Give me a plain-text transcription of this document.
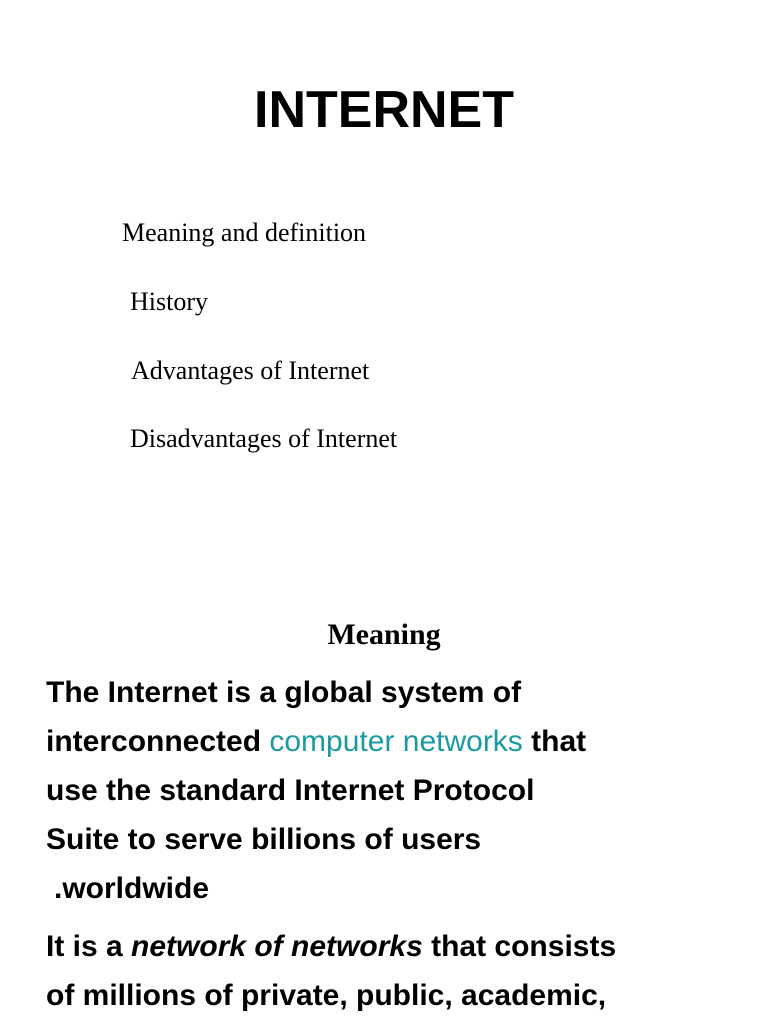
INTERNET
Meaning and definition
History
Advantages of Internet
Disadvantages of Internet
Meaning

The Internet is a global system of
interconnected computer networks that
use the standard Internet Protocol
Suite to serve billions of users
.worldwide

It is a network of networks that consists
of millions of private, public, academic,
